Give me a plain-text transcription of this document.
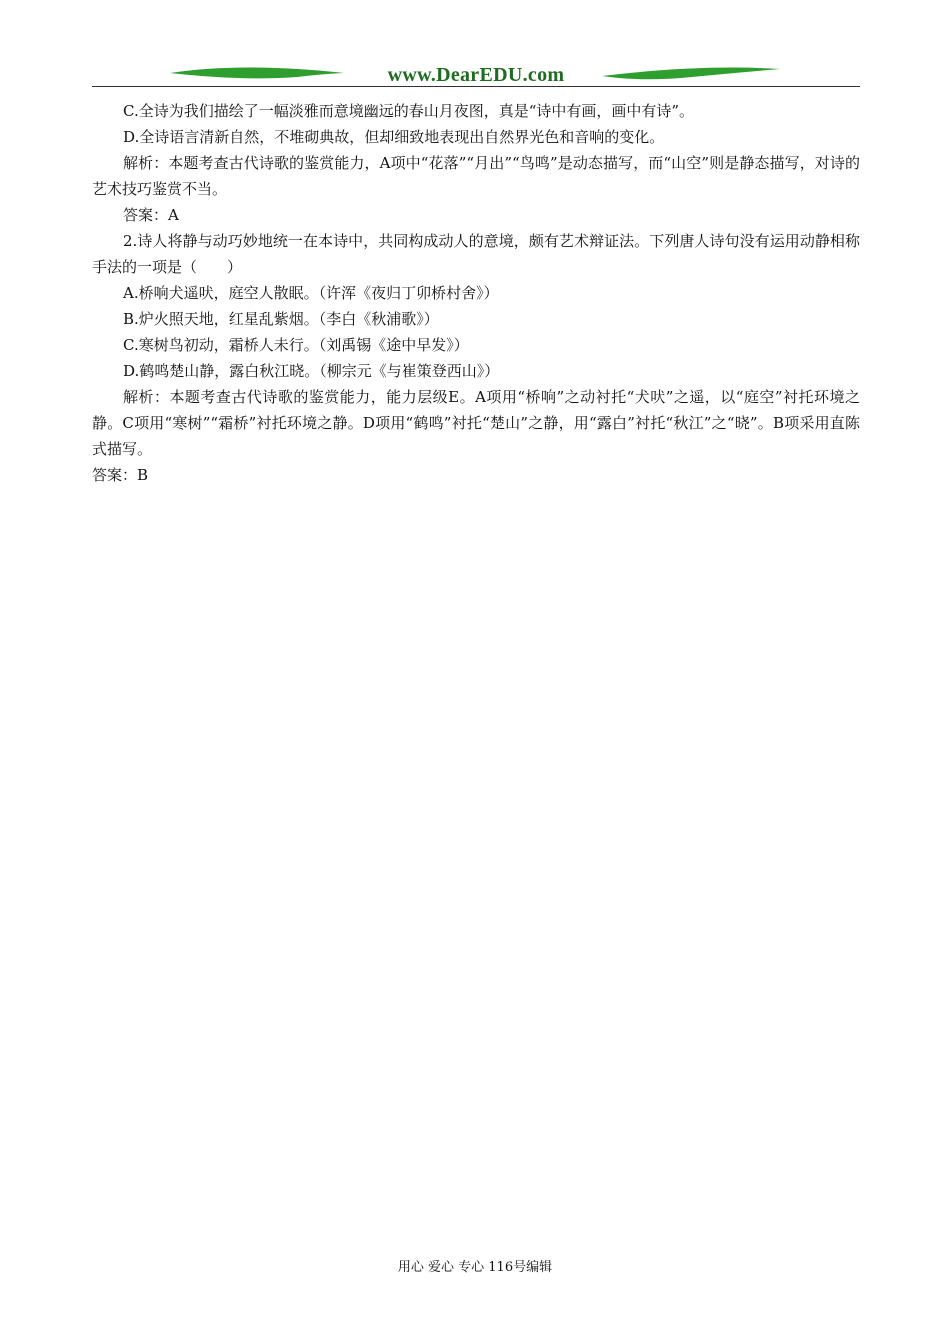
www.DearEDU.com

C.全诗为我们描绘了一幅淡雅而意境幽远的春山月夜图，真是“诗中有画，画中有诗”。

D.全诗语言清新自然，不堆砌典故，但却细致地表现出自然界光色和音响的变化。

解析：本题考查古代诗歌的鉴赏能力，A项中“花落”“月出”“鸟鸣”是动态描写，而“山空”则是静态描写，对诗的艺术技巧鉴赏不当。

答案：A

2.诗人将静与动巧妙地统一在本诗中，共同构成动人的意境，颇有艺术辩证法。下列唐人诗句没有运用动静相称手法的一项是（　　）

A.桥响犬遥吠，庭空人散眠。（许浑《夜归丁卯桥村舍》）

B.炉火照天地，红星乱紫烟。（李白《秋浦歌》）

C.寒树鸟初动，霜桥人未行。（刘禹锡《途中早发》）

D.鹤鸣楚山静，露白秋江晓。（柳宗元《与崔策登西山》）

解析：本题考查古代诗歌的鉴赏能力，能力层级E。A项用“桥响”之动衬托“犬吠”之遥，以“庭空”衬托环境之静。C项用“寒树”“霜桥”衬托环境之静。D项用“鹤鸣”衬托“楚山”之静，用“露白”衬托“秋江”之“晓”。B项采用直陈式描写。

答案：B

用心 爱心 专心 116号编辑
